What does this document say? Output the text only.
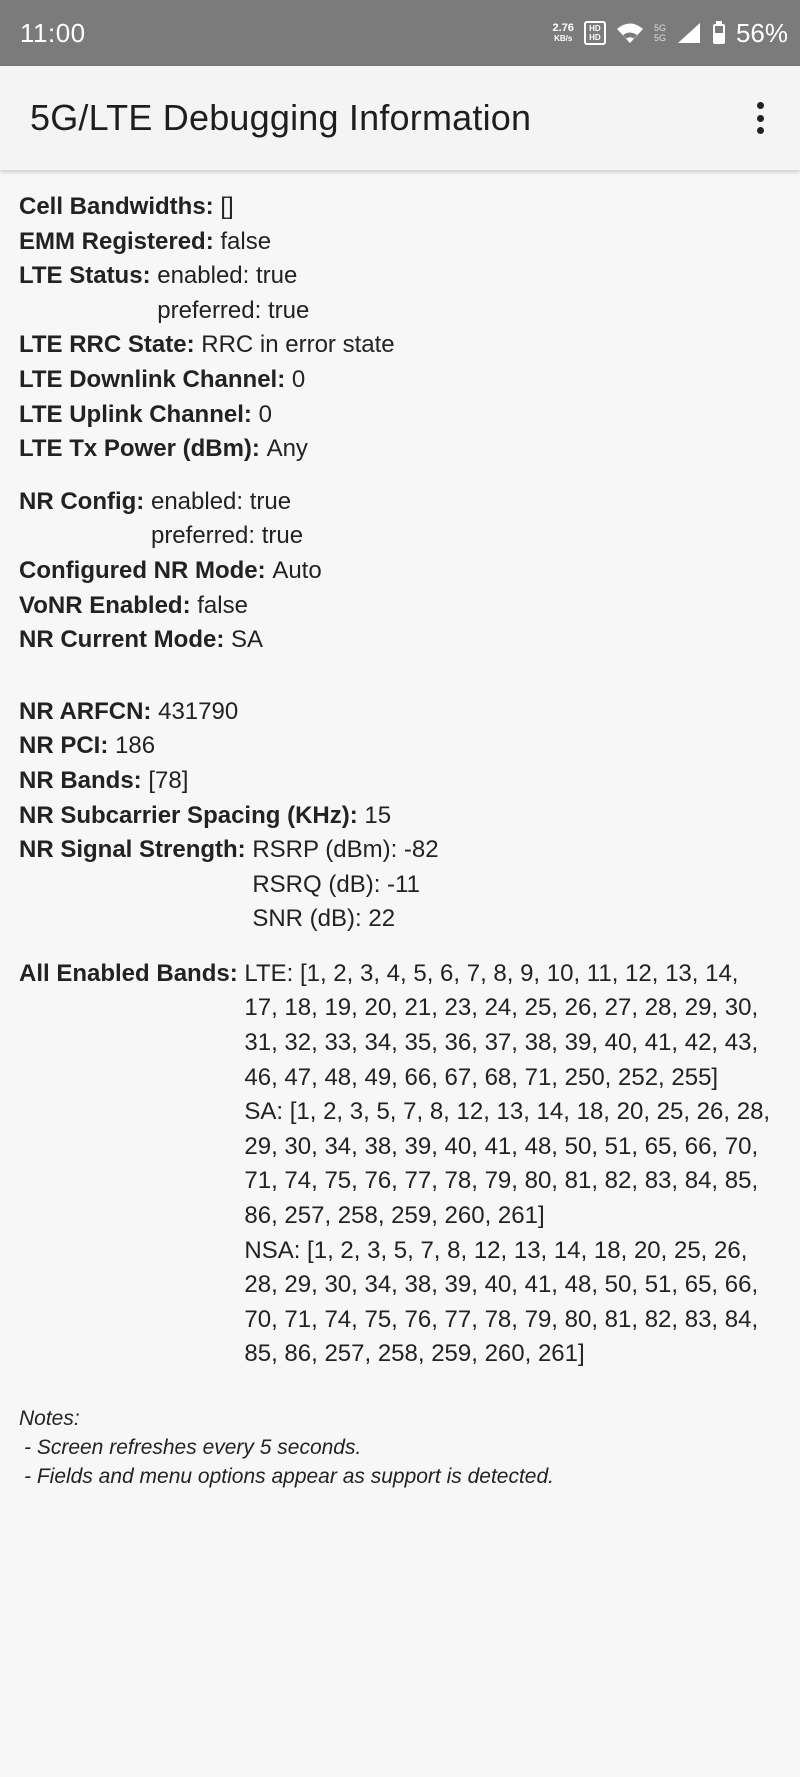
11:00	2.76
KB/s
HD
HD
5G
5G	56%
5G/LTE Debugging Information
Cell Bandwidths:
[]
EMM Registered:
false
LTE Status:
enabled: true
preferred: true
LTE RRC State:
RRC in error state
LTE Downlink Channel:
0
LTE Uplink Channel:
0
LTE Tx Power (dBm):
Any
NR Config:
enabled: true
preferred: true
Configured NR Mode:
Auto
VoNR Enabled:
false
NR Current Mode:
SA
NR ARFCN:
431790
NR PCI:
186
NR Bands:
[78]
NR Subcarrier Spacing (KHz):
15
NR Signal Strength:
RSRP (dBm): -82
RSRQ (dB): -11
SNR (dB): 22
All Enabled Bands:
LTE: [1, 2, 3, 4, 5, 6, 7, 8, 9, 10, 11, 12, 13, 14, 17, 18, 19, 20, 21, 23, 24, 25, 26, 27, 28, 29, 30, 31, 32, 33, 34, 35, 36, 37, 38, 39, 40, 41, 42, 43, 46, 47, 48, 49, 66, 67, 68, 71, 250, 252, 255]
SA: [1, 2, 3, 5, 7, 8, 12, 13, 14, 18, 20, 25, 26, 28, 29, 30, 34, 38, 39, 40, 41, 48, 50, 51, 65, 66, 70, 71, 74, 75, 76, 77, 78, 79, 80, 81, 82, 83, 84, 85, 86, 257, 258, 259, 260, 261]
NSA: [1, 2, 3, 5, 7, 8, 12, 13, 14, 18, 20, 25, 26, 28, 29, 30, 34, 38, 39, 40, 41, 48, 50, 51, 65, 66, 70, 71, 74, 75, 76, 77, 78, 79, 80, 81, 82, 83, 84, 85, 86, 257, 258, 259, 260, 261]
Notes:
- Screen refreshes every 5 seconds.
- Fields and menu options appear as support is detected.
